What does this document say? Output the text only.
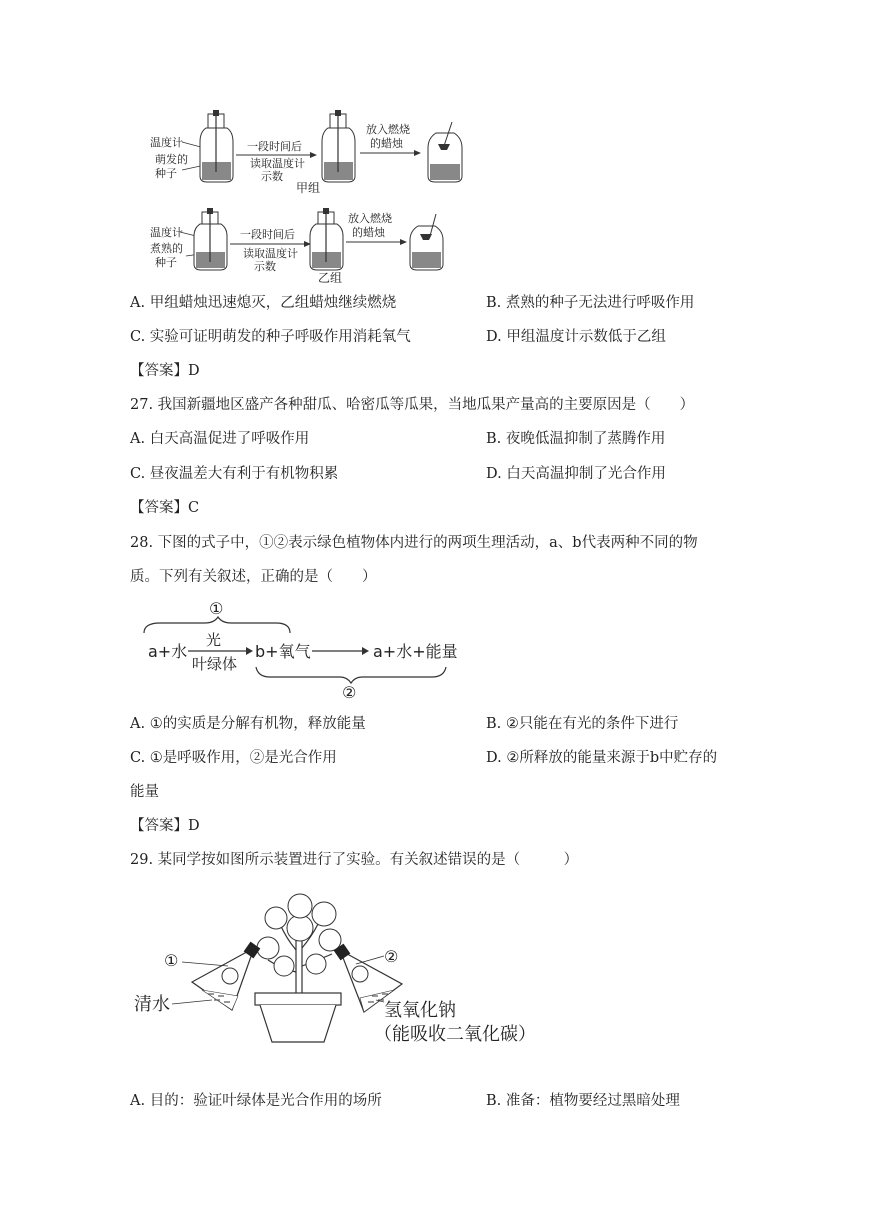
温度计
萌发的
种子
一段时间后
读取温度计
示数
甲组
放入燃烧
的蜡烛
温度计
煮熟的
种子
一段时间后
读取温度计
示数
乙组
放入燃烧
的蜡烛
A. 甲组蜡烛迅速熄灭，乙组蜡烛继续燃烧	B. 煮熟的种子无法进行呼吸作用
C. 实验可证明萌发的种子呼吸作用消耗氧气	D. 甲组温度计示数低于乙组
【答案】D
27. 我国新疆地区盛产各种甜瓜、哈密瓜等瓜果，当地瓜果产量高的主要原因是（　　）
A. 白天高温促进了呼吸作用	B. 夜晚低温抑制了蒸腾作用
C. 昼夜温差大有利于有机物积累	D. 白天高温抑制了光合作用
【答案】C
28. 下图的式子中，①②表示绿色植物体内进行的两项生理活动，a、b代表两种不同的物
质。下列有关叙述，正确的是（　　）
①
a+水
光
叶绿体
b+氧气	a+水+能量
②
A. ①的实质是分解有机物，释放能量	B. ②只能在有光的条件下进行
C. ①是呼吸作用，②是光合作用	D. ②所释放的能量来源于b中贮存的
能量
【答案】D
29. 某同学按如图所示装置进行了实验。有关叙述错误的是（　　　）
①	②
清水	氢氧化钠
（能吸收二氧化碳）
A. 目的：验证叶绿体是光合作用的场所	B. 准备：植物要经过黑暗处理
